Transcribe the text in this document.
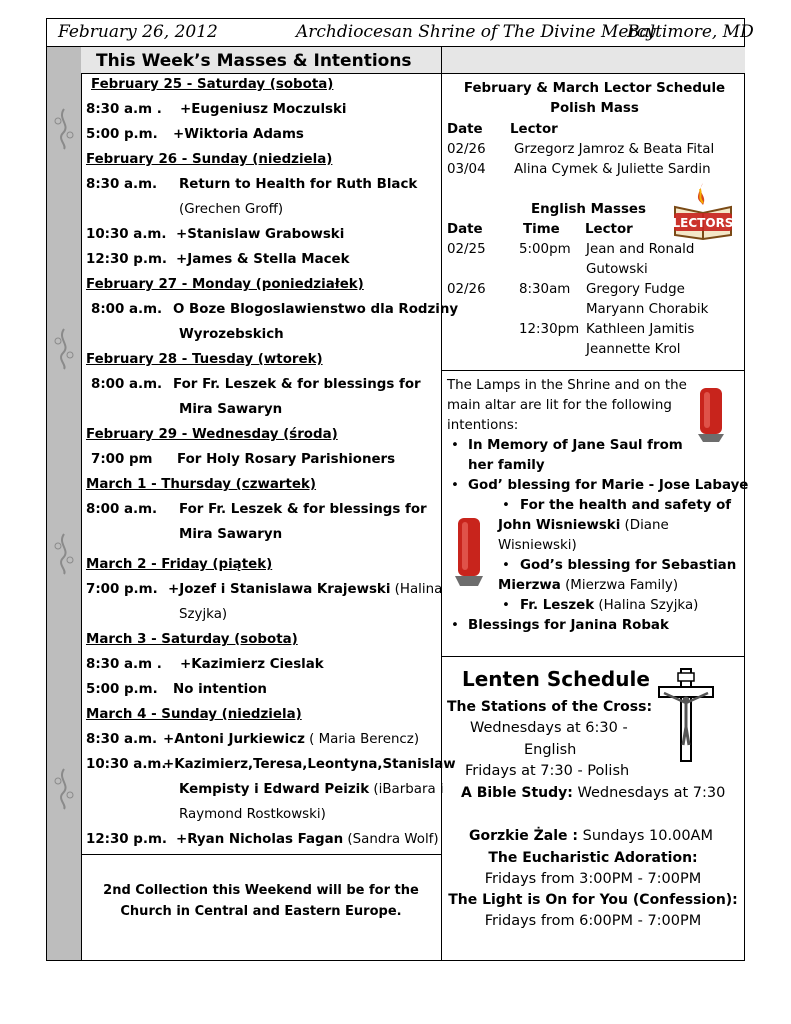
February 26, 2012	Archdiocesan Shrine of The Divine Mercy
Baltimore, MD
This Week’s Masses & Intentions
February 25 - Saturday (sobota)
8:30 a.m . +Eugeniusz Moczulski
5:00 p.m. +Wiktoria Adams
February 26 - Sunday (niedziela)
8:30 a.m. Return to Health for Ruth Black
(Grechen Groff)
10:30 a.m. +Stanislaw Grabowski
12:30 p.m. +James & Stella Macek
February 27 - Monday (poniedziałek)
8:00 a.m. O Boze Blogoslawienstwo dla Rodziny
Wyrozebskich
February 28 - Tuesday (wtorek)
8:00 a.m. For Fr. Leszek & for blessings for
Mira Sawaryn
February 29 - Wednesday (środa)
7:00 pm For Holy Rosary Parishioners
March 1 - Thursday (czwartek)
8:00 a.m. For Fr. Leszek & for blessings for
Mira Sawaryn
March 2 - Friday (piątek)
7:00 p.m. +Jozef i Stanislawa Krajewski (Halina
Szyjka)
March 3 - Saturday (sobota)
8:30 a.m . +Kazimierz Cieslak
5:00 p.m. No intention
March 4 - Sunday (niedziela)
8:30 a.m. +Antoni Jurkiewicz ( Maria Berencz)
10:30 a.m.
+Kazimierz,Teresa,Leontyna,Stanislaw
Kempisty i Edward Peizik (iBarbara i
Raymond Rostkowski)
12:30 p.m. +Ryan Nicholas Fagan (Sandra Wolf)
2nd Collection this Weekend will be for the
Church in Central and Eastern Europe.
February & March Lector Schedule
Polish Mass
Date Lector
02/26 Grzegorz Jamroz & Beata Fital
03/04 Alina Cymek & Juliette Sardin
English Masses
Date	Time Lector
02/25 5:00pm Jean and Ronald
Gutowski
02/26 8:30am Gregory Fudge
Maryann Chorabik
12:30pm Kathleen Jamitis
Jeannette Krol
LECTORS
The Lamps in the Shrine and on the
main altar are lit for the following
intentions:
• In Memory of Jane Saul from
her family
• God’ blessing for Marie - Jose Labaye
• For the health and safety of
John Wisniewski (Diane
Wisniewski)
• God’s blessing for Sebastian
Mierzwa (Mierzwa Family)
• Fr. Leszek (Halina Szyjka)
• Blessings for Janina Robak
Lenten Schedule
The Stations of the Cross:
Wednesdays at 6:30 -
English
Fridays at 7:30 - Polish
A Bible Study: Wednesdays at 7:30
Gorzkie Żale : Sundays 10.00AM
The Eucharistic Adoration:
Fridays from 3:00PM - 7:00PM
The Light is On for You (Confession):
Fridays from 6:00PM - 7:00PM
